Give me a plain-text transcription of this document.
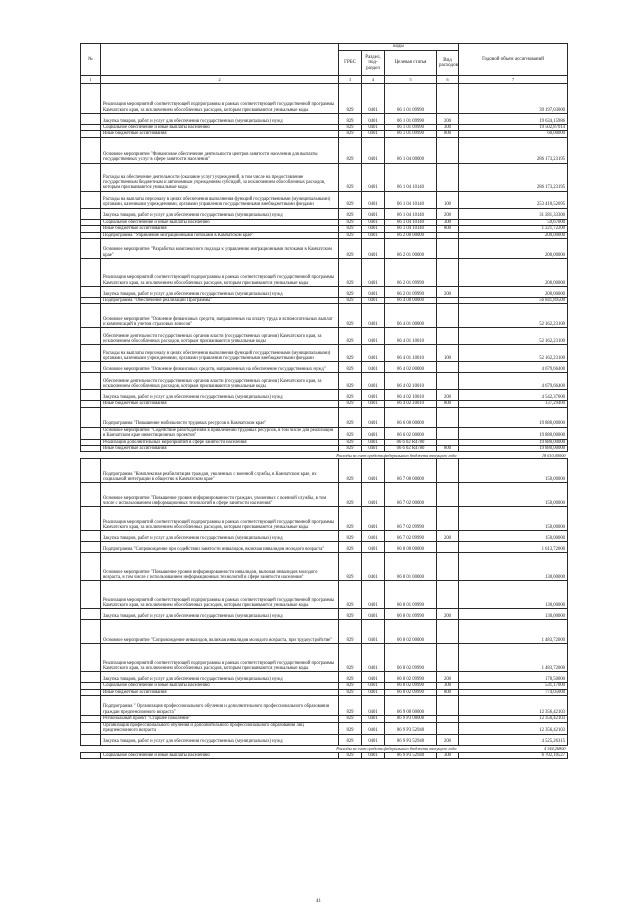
№		коды				Годовой объем ассигнований
		ГРБС	Раздел, под-раздел	Целевая статья	Вид расходов	
1	2	3	4	5	6	7
	Реализация мероприятий соответствующей подпрограммы в рамках соответствующей государственной программы Камчатского края, за исключением обособленных расходов, которым присваиваются уникальные коды	829	0401	06 1 01 09990		39 197,03000
	Закупка товаров, работ и услуг для обеспечения государственных (муниципальных) нужд	829	0401	06 1 01 09990	200	19 634,15986
	Социальное обеспечение и иные выплаты населению	829	0401	06 1 01 09990	300	19 502,87014
	Иные бюджетные ассигнования	829	0401	06 1 01 09990	800	60,00000
	Основное мероприятие "Финансовое обеспечение деятельности центров занятости населения для выплаты государственных услуг в сфере занятости населения"	829	0401	06 1 04 00000		286 173,23195
	Расходы на обеспечение деятельности (оказание услуг) учреждений, в том числе на предоставление государственным бюджетным и автономным учреждениям субсидий, за исключением обособленных расходов, которым присваиваются уникальные коды	829	0401	06 1 04 10140		286 173,23195
	Расходы на выплаты персоналу в целях обеспечения выполнения функций государственными (муниципальными) органами, казенными учреждениями, органами управления государственными внебюджетными фондами	829	0401	06 1 04 10140	100	253 410,52695
	Закупка товаров, работ и услуг для обеспечения государственных (муниципальных) нужд	829	0401	06 1 04 10140	200	31 281,33300
	Социальное обеспечение и иные выплаты населению	829	0401	06 1 04 10140	300	59,67000
	Иные бюджетные ассигнования	829	0401	06 1 04 10140	800	1 221,72200
	Подпрограмма "Управление миграционными потоками в Камчатском крае"	829	0401	06 2 00 00000		200,00000
	Основное мероприятие "Разработка комплексного подхода к управлению миграционными потоками в Камчатском крае"	829	0401	06 2 01 00000		200,00000
	Реализация мероприятий соответствующей подпрограммы в рамках соответствующей государственной программы Камчатского края, за исключением обособленных расходов, которым присваиваются уникальные коды	829	0401	06 2 01 09990		200,00000
	Закупка товаров, работ и услуг для обеспечения государственных (муниципальных) нужд	829	0401	06 2 01 09990	200	200,00000
	Подпрограмма "Обеспечение реализации Программы"	829	0401	06 4 00 00000		56 841,89500
	Основное мероприятие "Освоение финансовых средств, направленных на оплату труда и вспомогательных выплат и компенсаций в учетом страховых взносов"	829	0401	06 4 01 00000		52 162,23100
	Обеспечение деятельности государственных органов власти (государственных органов) Камчатского края, за исключением обособленных расходов, которым присваиваются уникальные коды	829	0401	06 4 01 10010		52 162,23100
	Расходы на выплаты персоналу в целях обеспечения выполнения функций государственными (муниципальными) органами, казенными учреждениями, органами управления государственными внебюджетными фондами	829	0401	06 4 01 10010	100	52 162,23100
	Основное мероприятие "Освоение финансовых средств, направленных на обеспечение государственных нужд"	829	0401	06 4 02 00000		4 679,66400
	Обеспечение деятельности государственных органов власти (государственных органов) Камчатского края, за исключением обособленных расходов, которым присваиваются уникальные коды	829	0401	06 4 02 10010		4 679,66400
	Закупка товаров, работ и услуг для обеспечения государственных (муниципальных) нужд	829	0401	06 4 02 10010	200	4 542,37000
	Иные бюджетные ассигнования	829	0401	06 4 02 10010	800	137,29400
	Подпрограмма "Повышение мобильности трудовых ресурсов в Камчатском крае"	829	0401	06 6 00 00000		19 880,00000
	Основное мероприятие "Содействие работодателям в привлечении трудовых ресурсов, в том числе для реализации в Камчатском крае инвестиционных проектов"	829	0401	06 6 02 00000		19 880,00000
	Реализация дополнительных мероприятий в сфере занятости населения	829	0401	06 6 02 R4780		19 880,00000
	Иные бюджетные ассигнования	829	0401	06 6 02 R4780	800	19 880,00000
	Расходы за счет средств федерального бюджета текущего года					18 610,00000
	Подпрограмма "Комплексная реабилитация граждан, уволенных с военной службы, в Камчатском крае, их социальной интеграции в общество в Камчатском крае"	829	0401	06 7 00 00000		150,00000
	Основное мероприятие "Повышение уровня информированности граждан, уволенных с военной службы, в том числе с использованием информационных технологий в сфере занятости населения"	829	0401	06 7 02 00000		150,00000
	Реализация мероприятий соответствующей подпрограммы в рамках соответствующей государственной программы Камчатского края, за исключением обособленных расходов, которым присваиваются уникальные коды	829	0401	06 7 02 09990		150,00000
	Закупка товаров, работ и услуг для обеспечения государственных (муниципальных) нужд	829	0401	06 7 02 09990	200	150,00000
	Подпрограмма "Сопровождение при содействии занятости инвалидов, включая инвалидов молодого возраста"	829	0401	06 8 00 00000		1 613,72000
	Основное мероприятие "Повышение уровня информированности инвалидов, включая инвалидов молодого возраста, в том числе с использованием информационных технологий в сфере занятости населения"	829	0401	06 8 01 00000		130,00000
	Реализация мероприятий соответствующей подпрограммы в рамках соответствующей государственной программы Камчатского края, за исключением обособленных расходов, которым присваиваются уникальные коды	829	0401	06 8 01 09990		130,00000
	Закупка товаров, работ и услуг для обеспечения государственных (муниципальных) нужд	829	0401	06 8 01 09990	200	130,00000
	Основное мероприятие "Сопровождение инвалидов, включая инвалидов молодого возраста, при трудоустройстве"	829	0401	06 8 02 00000		1 483,72000
	Реализация мероприятий соответствующей подпрограммы в рамках соответствующей государственной программы Камчатского края, за исключением обособленных расходов, которым присваиваются уникальные коды	829	0401	06 8 02 09990		1 483,72000
	Закупка товаров, работ и услуг для обеспечения государственных (муниципальных) нужд	829	0401	06 8 02 09990	200	178,50000
	Социальное обеспечение и иные выплаты населению	829	0401	06 8 02 09990	300	531,17000
	Иные бюджетные ассигнования	829	0401	06 8 02 09990	800	774,05000
	Подпрограмма " Организация профессионального обучения и дополнительного профессионального образования граждан предпенсионного возраста"	829	0401	06 9 00 00000		12 356,42103
	Региональный проект "Старшее поколение"	829	0401	06 9 P3 00000		12 356,42103
	Организация профессионального обучения и дополнительного профессионального образования лиц предпенсионного возраста	829	0401	06 9 P3 52940		12 356,42103
	Закупка товаров, работ и услуг для обеспечения государственных (муниципальных) нужд	829	0401	06 9 P3 52940	200	4 525,26315
	Расходы за счет средств федерального бюджета текущего года					4 344,26800
	Социальное обеспечение и иные выплаты населению	829	0401	06 9 P3 52940	300	6 702,10527
41
